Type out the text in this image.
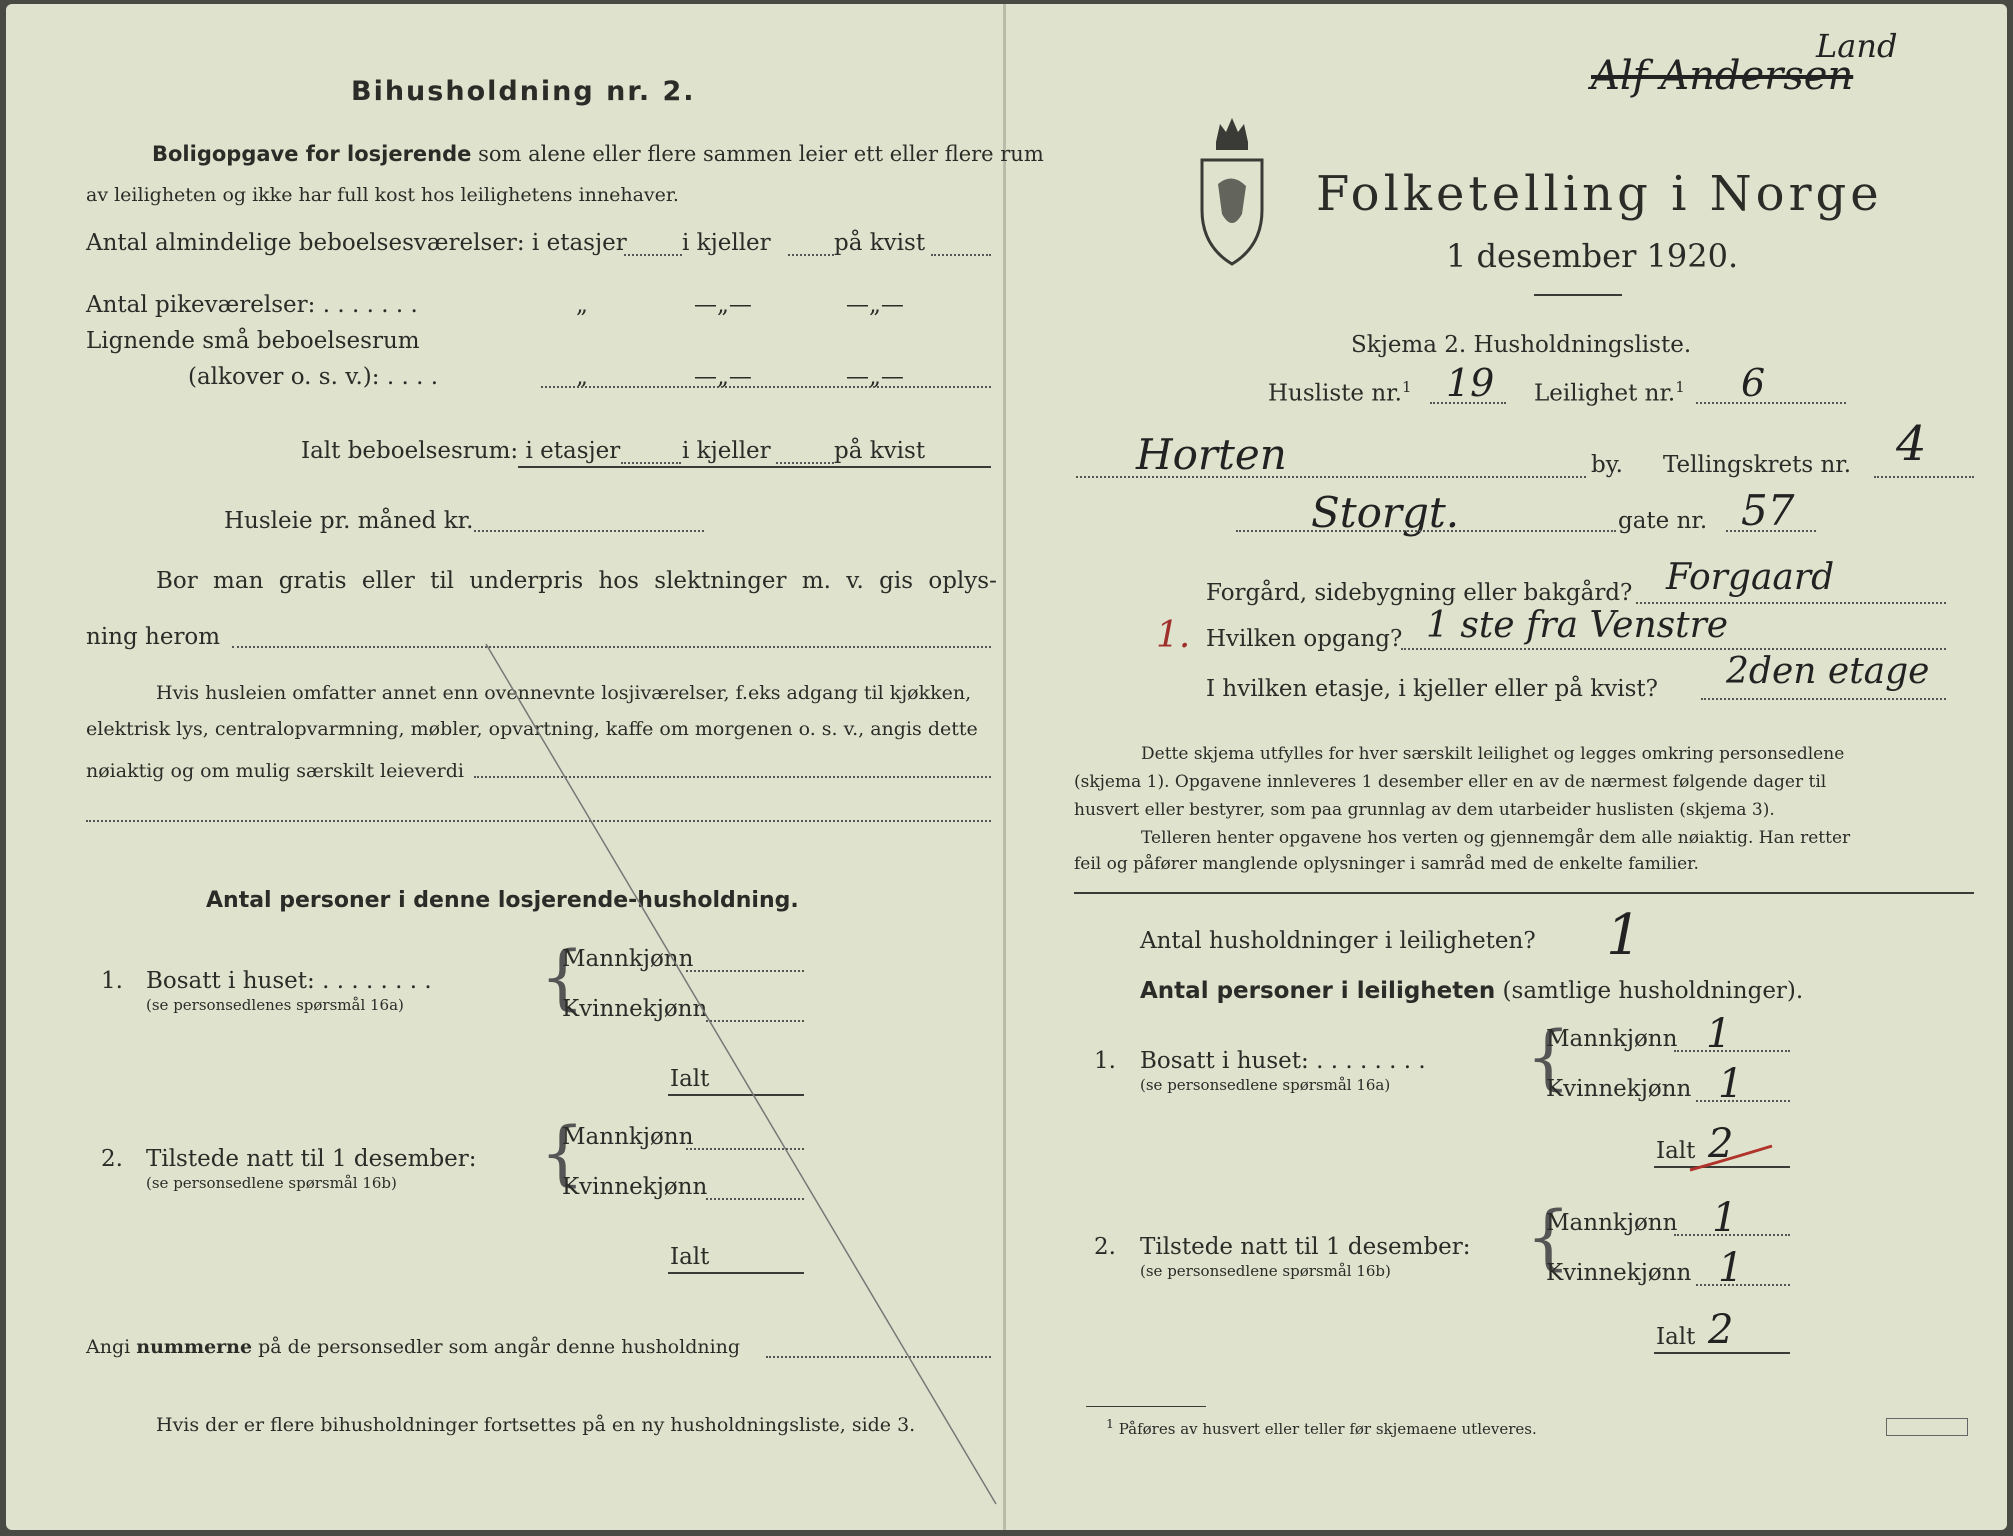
Bihusholdning nr. 2.
Boligopgave for losjerende som alene eller flere sammen leier ett eller flere rum
av leiligheten og ikke har full kost hos leilighetens innehaver.
Antal almindelige beboelsesværelser: i etasjer i kjeller	på kvist
Antal pikeværelser: . . . . . . .	„	—„—	—„—
Lignende små beboelsesrum
(alkover o. s. v.): . . . .	„	—„—	—„—
Ialt beboelsesrum: i etasjer	i kjeller	på kvist
Husleie pr. måned kr.
Bor man gratis eller til underpris hos slektninger m. v. gis oplys-
ning herom
Hvis husleien omfatter annet enn ovennevnte losjiværelser, f.eks adgang til kjøkken,
elektrisk lys, centralopvarmning, møbler, opvartning, kaffe om morgenen o. s. v., angis dette
nøiaktig og om mulig særskilt leieverdi
Antal personer i denne losjerende-husholdning.
1. Bosatt i huset: . . . . . . . .
(se personsedlenes spørsmål 16a) {
Mannkjønn
Kvinnekjønn
Ialt
2. Tilstede natt til 1 desember:
(se personsedlene spørsmål 16b) {
Mannkjønn
Kvinnekjønn
Ialt
Angi nummerne på de personsedler som angår denne husholdning
Hvis der er flere bihusholdninger fortsettes på en ny husholdningsliste, side 3.
Alf Andersen
Land
Folketelling i Norge
1 desember 1920.
Skjema 2. Husholdningsliste.
Husliste nr.$^1$ 19 Leilighet nr.$^1$ 6
Horten	by. Tellingskrets nr. 4
Storgt.	gate nr. 57
Forgård, sidebygning eller bakgård? Forgaard
1. Hvilken opgang? 1 ste fra Venstre
I hvilken etasje, i kjeller eller på kvist? 2den etage
Dette skjema utfylles for hver særskilt leilighet og legges omkring personsedlene
(skjema 1). Opgavene innleveres 1 desember eller en av de nærmest følgende dager til
husvert eller bestyrer, som paa grunnlag av dem utarbeider huslisten (skjema 3).
Telleren henter opgavene hos verten og gjennemgår dem alle nøiaktig. Han retter
feil og påfører manglende oplysninger i samråd med de enkelte familier.
Antal husholdninger i leiligheten? 1
Antal personer i leiligheten (samtlige husholdninger).
1. Bosatt i huset: . . . . . . . .
(se personsedlene spørsmål 16a) {
Mannkjønn 1
Kvinnekjønn 1
Ialt 2
2. Tilstede natt til 1 desember:
(se personsedlene spørsmål 16b) {
Mannkjønn 1
Kvinnekjønn 1
Ialt 2
$^1$ Påføres av husvert eller teller før skjemaene utleveres.
